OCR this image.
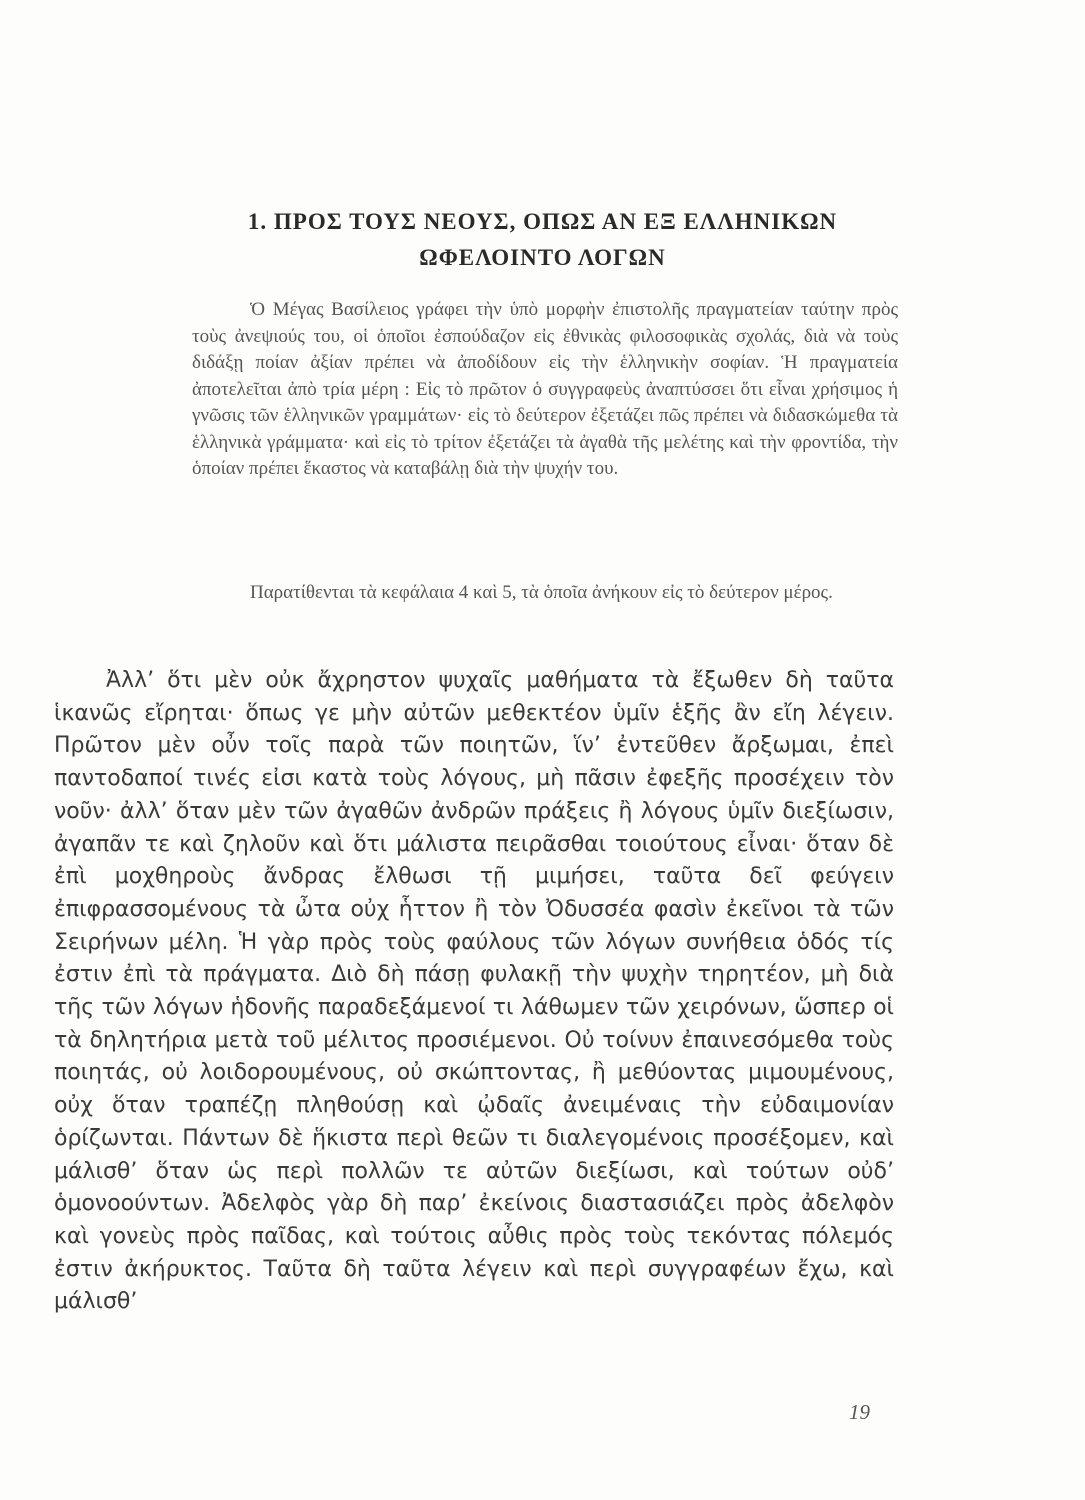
1. ΠΡΟΣ ΤΟΥΣ ΝΕΟΥΣ, ΟΠΩΣ ΑΝ ΕΞ ΕΛΛΗΝΙΚΩΝ
ΩΦΕΛΟΙΝΤΟ ΛΟΓΩΝ

Ὁ Μέγας Βασίλειος γράφει τὴν ὑπὸ μορφὴν ἐπιστολῆς πραγματείαν ταύτην πρὸς τοὺς ἀνεψιούς του, οἱ ὁποῖοι ἐσπούδαζον εἰς ἐθνικὰς φιλοσοφικὰς σχολάς, διὰ νὰ τοὺς διδάξῃ ποίαν ἀξίαν πρέπει νὰ ἀποδίδουν εἰς τὴν ἑλληνικὴν σοφίαν. Ἡ πραγματεία ἀποτελεῖται ἀπὸ τρία μέρη : Εἰς τὸ πρῶτον ὁ συγγραφεὺς ἀναπτύσσει ὅτι εἶναι χρήσιμος ἡ γνῶσις τῶν ἑλληνικῶν γραμμάτων· εἰς τὸ δεύτερον ἐξετάζει πῶς πρέπει νὰ διδασκώμεθα τὰ ἑλληνικὰ γράμματα· καὶ εἰς τὸ τρίτον ἐξετάζει τὰ ἀγαθὰ τῆς μελέτης καὶ τὴν φροντίδα, τὴν ὁποίαν πρέπει ἕκαστος νὰ καταβάλῃ διὰ τὴν ψυχήν του.

Παρατίθενται τὰ κεφάλαια 4 καὶ 5, τὰ ὁποῖα ἀνήκουν εἰς τὸ δεύτερον μέρος.

Ἀλλ’ ὅτι μὲν οὐκ ἄχρηστον ψυχαῖς μαθήματα τὰ ἔξωθεν δὴ ταῦτα ἱκανῶς εἴρηται· ὅπως γε μὴν αὐτῶν μεθεκτέον ὑμῖν ἑξῆς ἂν εἴη λέγειν. Πρῶτον μὲν οὖν τοῖς παρὰ τῶν ποιητῶν, ἵν’ ἐντεῦθεν ἄρξωμαι, ἐπεὶ παντοδαποί τινές εἰσι κατὰ τοὺς λόγους, μὴ πᾶσιν ἐφεξῆς προσέχειν τὸν νοῦν· ἀλλ’ ὅταν μὲν τῶν ἀγαθῶν ἀνδρῶν πράξεις ἢ λόγους ὑμῖν διεξίωσιν, ἀγαπᾶν τε καὶ ζηλοῦν καὶ ὅτι μάλιστα πειρᾶσθαι τοιούτους εἶναι· ὅταν δὲ ἐπὶ μοχθηροὺς ἄνδρας ἔλθωσι τῇ μιμήσει, ταῦτα δεῖ φεύγειν ἐπιφρασσομένους τὰ ὦτα οὐχ ἧττον ἢ τὸν Ὀδυσσέα φασὶν ἐκεῖνοι τὰ τῶν Σειρήνων μέλη. Ἡ γὰρ πρὸς τοὺς φαύλους τῶν λόγων συνήθεια ὁδός τίς ἐστιν ἐπὶ τὰ πράγματα. Διὸ δὴ πάσῃ φυλακῇ τὴν ψυχὴν τηρητέον, μὴ διὰ τῆς τῶν λόγων ἡδονῆς παραδεξάμενοί τι λάθωμεν τῶν χειρόνων, ὥσπερ οἱ τὰ δηλητήρια μετὰ τοῦ μέλιτος προσιέμενοι. Οὐ τοίνυν ἐπαινεσόμεθα τοὺς ποιητάς, οὐ λοιδορουμένους, οὐ σκώπτοντας, ἢ μεθύοντας μιμουμένους, οὐχ ὅταν τραπέζῃ πληθούσῃ καὶ ᾠδαῖς ἀνειμέναις τὴν εὐδαιμονίαν ὁρίζωνται. Πάντων δὲ ἥκιστα περὶ θεῶν τι διαλεγομένοις προσέξομεν, καὶ μάλισθ’ ὅταν ὡς περὶ πολλῶν τε αὐτῶν διεξίωσι, καὶ τούτων οὐδ’ ὁμονοούντων. Ἀδελφὸς γὰρ δὴ παρ’ ἐκείνοις διαστασιάζει πρὸς ἀδελφὸν καὶ γονεὺς πρὸς παῖδας, καὶ τούτοις αὖθις πρὸς τοὺς τεκόντας πόλεμός ἐστιν ἀκήρυκτος. Ταῦτα δὴ ταῦτα λέγειν καὶ περὶ συγγραφέων ἔχω, καὶ μάλισθ’

19
